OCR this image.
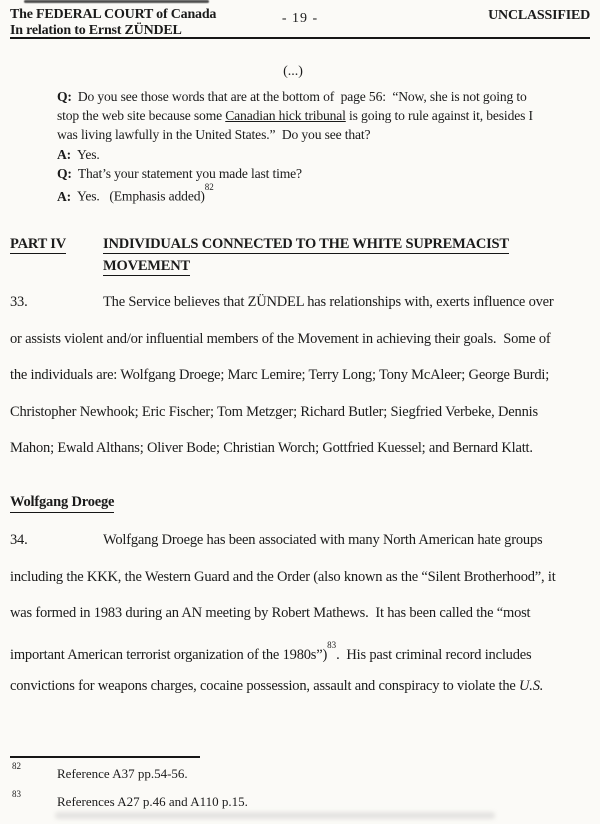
The FEDERAL COURT of Canada
In relation to Ernst ZÜNDEL
- 19 -	UNCLASSIFIED
(...)
Q: Do you see those words that are at the bottom of  page 56:  “Now, she is not going to
stop the web site because some Canadian hick tribunal is going to rule against it, besides I
was living lawfully in the United States.”  Do you see that?
A: Yes.
Q: That’s your statement you made last time?
A: Yes.   (Emphasis added)$^{82}$
PART IV	INDIVIDUALS CONNECTED TO THE WHITE SUPREMACIST
MOVEMENT
33.	The Service believes that ZÜNDEL has relationships with, exerts influence over
or assists violent and/or influential members of the Movement in achieving their goals.  Some of
the individuals are: Wolfgang Droege; Marc Lemire; Terry Long; Tony McAleer; George Burdi;
Christopher Newhook; Eric Fischer; Tom Metzger; Richard Butler; Siegfried Verbeke, Dennis
Mahon; Ewald Althans; Oliver Bode; Christian Worch; Gottfried Kuessel; and Bernard Klatt.
Wolfgang Droege
34.	Wolfgang Droege has been associated with many North American hate groups
including the KKK, the Western Guard and the Order (also known as the “Silent Brotherhood”, it
was formed in 1983 during an AN meeting by Robert Mathews.  It has been called the “most
important American terrorist organization of the 1980s”)$^{83}$.  His past criminal record includes
convictions for weapons charges, cocaine possession, assault and conspiracy to violate the U.S.
$^{82}$Reference A37 pp.54-56.
$^{83}$References A27 p.46 and A110 p.15.
